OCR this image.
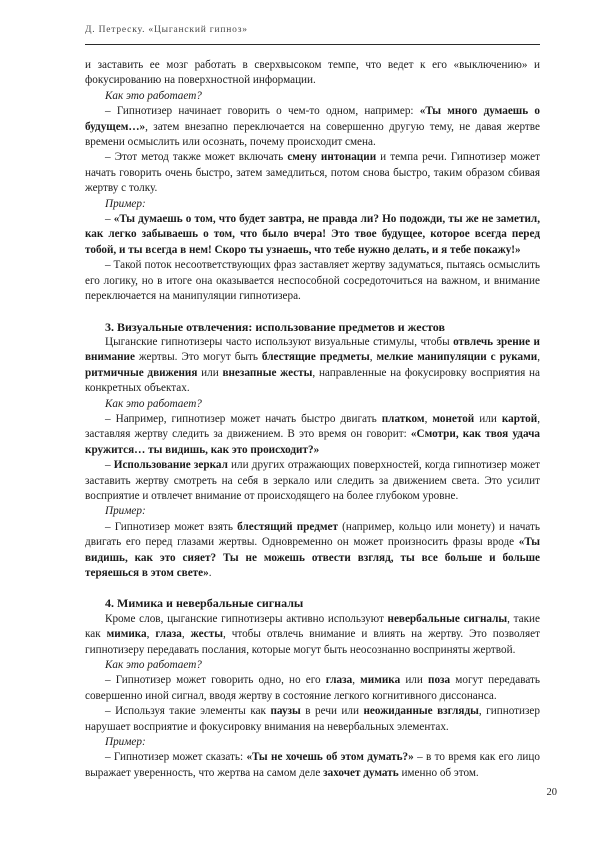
Д. Петреску. «Цыганский гипноз»

и заставить ее мозг работать в сверхвысоком темпе, что ведет к его «выключению» и фокусированию на поверхностной информации.

Как это работает?

– Гипнотизер начинает говорить о чем-то одном, например: «Ты много думаешь о будущем…», затем внезапно переключается на совершенно другую тему, не давая жертве времени осмыслить или осознать, почему происходит смена.

– Этот метод также может включать смену интонации и темпа речи. Гипнотизер может начать говорить очень быстро, затем замедлиться, потом снова быстро, таким образом сбивая жертву с толку.

Пример:

– «Ты думаешь о том, что будет завтра, не правда ли? Но подожди, ты же не заметил, как легко забываешь о том, что было вчера! Это твое будущее, которое всегда перед тобой, и ты всегда в нем! Скоро ты узнаешь, что тебе нужно делать, и я тебе покажу!»

– Такой поток несоответствующих фраз заставляет жертву задуматься, пытаясь осмыслить его логику, но в итоге она оказывается неспособной сосредоточиться на важном, и внимание переключается на манипуляции гипнотизера.

3. Визуальные отвлечения: использование предметов и жестов

Цыганские гипнотизеры часто используют визуальные стимулы, чтобы отвлечь зрение и внимание жертвы. Это могут быть блестящие предметы, мелкие манипуляции с руками, ритмичные движения или внезапные жесты, направленные на фокусировку восприятия на конкретных объектах.

Как это работает?

– Например, гипнотизер может начать быстро двигать платком, монетой или картой, заставляя жертву следить за движением. В это время он говорит: «Смотри, как твоя удача кружится… ты видишь, как это происходит?»

– Использование зеркал или других отражающих поверхностей, когда гипнотизер может заставить жертву смотреть на себя в зеркало или следить за движением света. Это усилит восприятие и отвлечет внимание от происходящего на более глубоком уровне.

Пример:

– Гипнотизер может взять блестящий предмет (например, кольцо или монету) и начать двигать его перед глазами жертвы. Одновременно он может произносить фразы вроде «Ты видишь, как это сияет? Ты не можешь отвести взгляд, ты все больше и больше теряешься в этом свете».

4. Мимика и невербальные сигналы

Кроме слов, цыганские гипнотизеры активно используют невербальные сигналы, такие как мимика, глаза, жесты, чтобы отвлечь внимание и влиять на жертву. Это позволяет гипнотизеру передавать послания, которые могут быть неосознанно восприняты жертвой.

Как это работает?

– Гипнотизер может говорить одно, но его глаза, мимика или поза могут передавать совершенно иной сигнал, вводя жертву в состояние легкого когнитивного диссонанса.

– Используя такие элементы как паузы в речи или неожиданные взгляды, гипнотизер нарушает восприятие и фокусировку внимания на невербальных элементах.

Пример:

– Гипнотизер может сказать: «Ты не хочешь об этом думать?» – в то время как его лицо выражает уверенность, что жертва на самом деле захочет думать именно об этом.

20
